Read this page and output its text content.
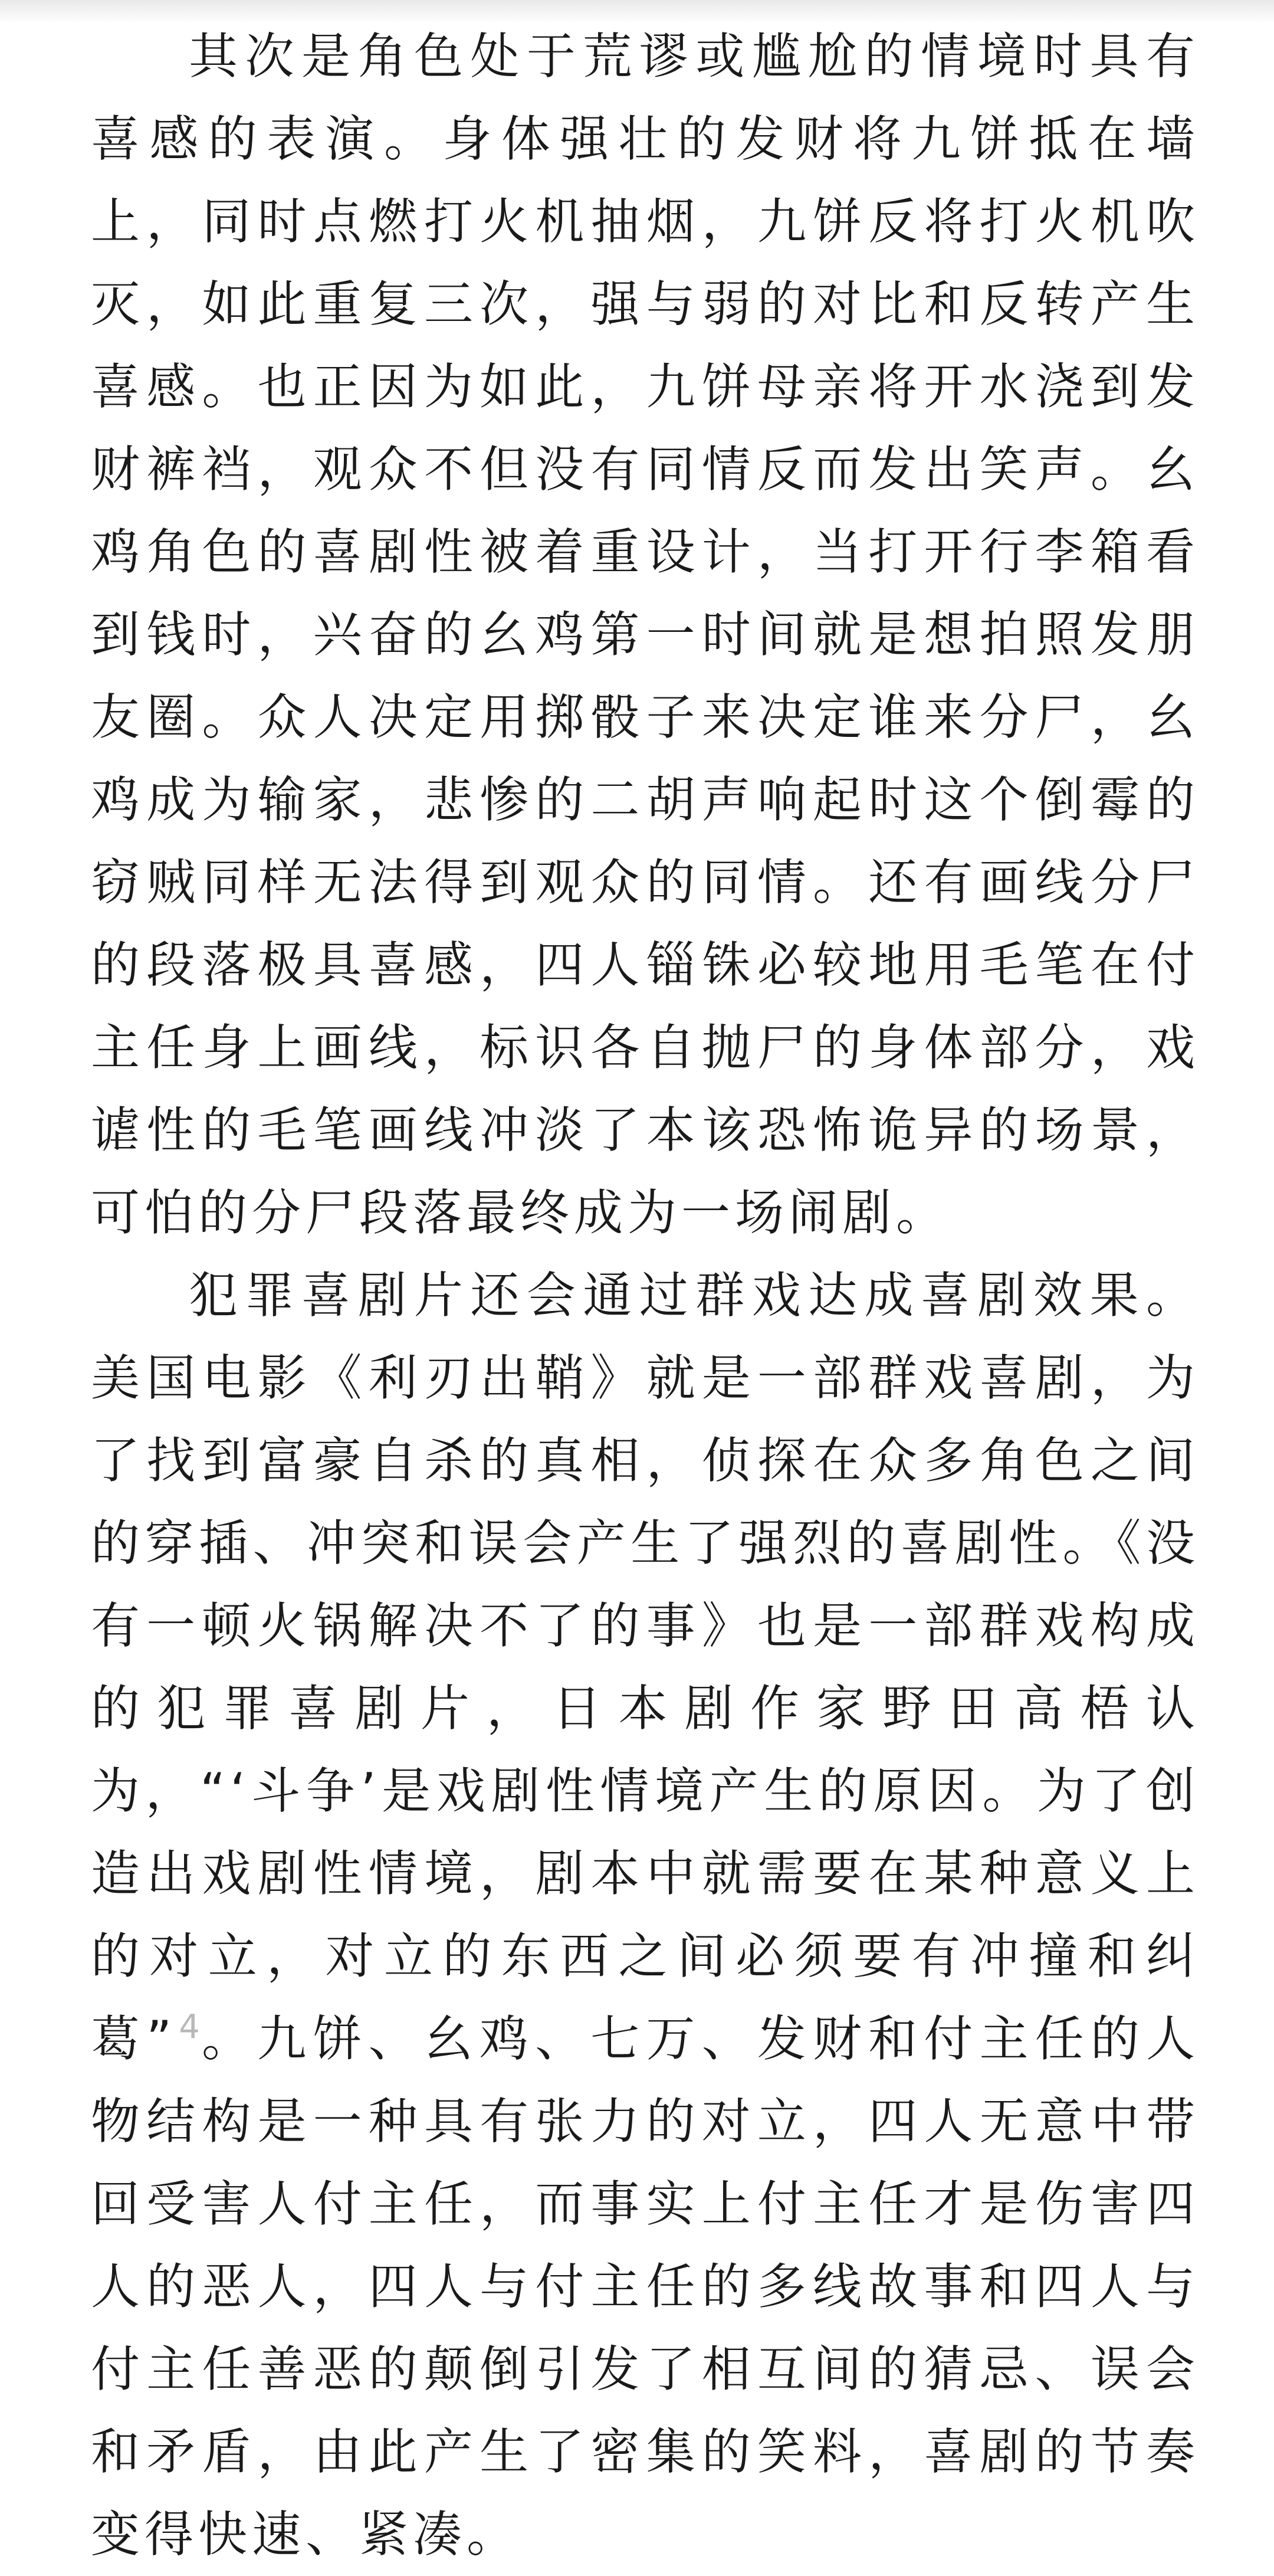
其次是角色处于荒谬或尴尬的情境时具有喜感的表演。身体强壮的发财将九饼抵在墙上，同时点燃打火机抽烟，九饼反将打火机吹灭，如此重复三次，强与弱的对比和反转产生喜感。也正因为如此，九饼母亲将开水浇到发财裤裆，观众不但没有同情反而发出笑声。幺鸡角色的喜剧性被着重设计，当打开行李箱看到钱时，兴奋的幺鸡第一时间就是想拍照发朋友圈。众人决定用掷骰子来决定谁来分尸，幺鸡成为输家，悲惨的二胡声响起时这个倒霉的窃贼同样无法得到观众的同情。还有画线分尸的段落极具喜感，四人锱铢必较地用毛笔在付主任身上画线，标识各自抛尸的身体部分，戏谑性的毛笔画线冲淡了本该恐怖诡异的场景，可怕的分尸段落最终成为一场闹剧。

犯罪喜剧片还会通过群戏达成喜剧效果。美国电影《利刃出鞘》就是一部群戏喜剧，为了找到富豪自杀的真相，侦探在众多角色之间的穿插、冲突和误会产生了强烈的喜剧性。《没有一顿火锅解决不了的事》也是一部群戏构成的犯罪喜剧片，日本剧作家野田高梧认为，“‘斗争’是戏剧性情境产生的原因。为了创造出戏剧性情境，剧本中就需要在某种意义上的对立，对立的东西之间必须要有冲撞和纠葛”$^4$。九饼、幺鸡、七万、发财和付主任的人物结构是一种具有张力的对立，四人无意中带回受害人付主任，而事实上付主任才是伤害四人的恶人，四人与付主任的多线故事和四人与付主任善恶的颠倒引发了相互间的猜忌、误会和矛盾，由此产生了密集的笑料，喜剧的节奏变得快速、紧凑。
